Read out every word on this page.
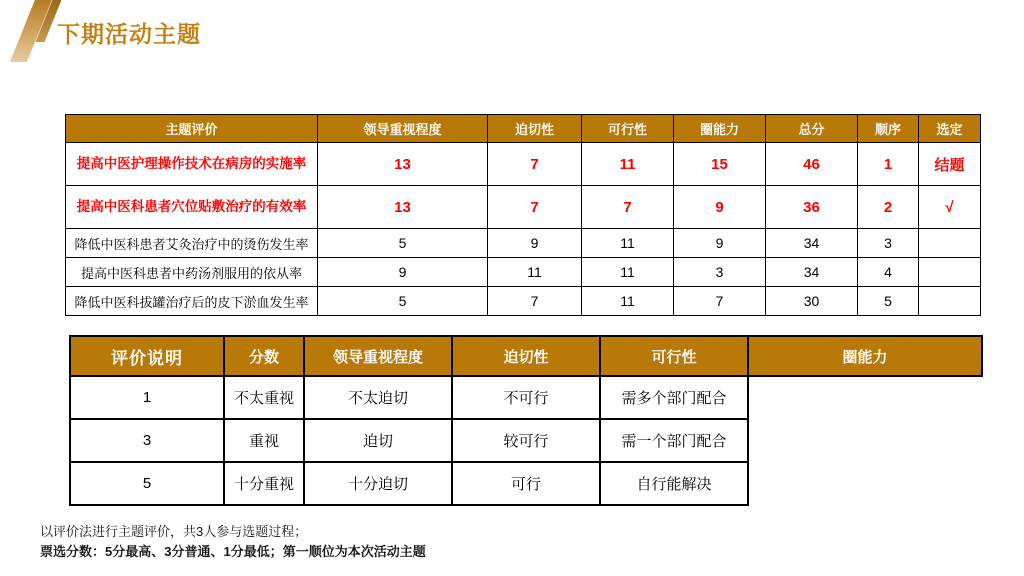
下期活动主题
主题评价	领导重视程度	迫切性	可行性	圈能力	总分	顺序	选定
提高中医护理操作技术在病房的实施率	13	7	11	15	46	1	结题
提高中医科患者穴位贴敷治疗的有效率	13	7	7	9	36	2	√
降低中医科患者艾灸治疗中的烫伤发生率	5	9	11	9	34	3	
提高中医科患者中药汤剂服用的依从率	9	11	11	3	34	4	
降低中医科拔罐治疗后的皮下淤血发生率	5	7	11	7	30	5	
评价说明	分数	领导重视程度	迫切性	可行性	圈能力
1	不太重视	不太迫切	不可行	需多个部门配合	
3	重视	迫切	较可行	需一个部门配合	
5	十分重视	十分迫切	可行	自行能解决	

以评价法进行主题评价，共3人参与选题过程；

票选分数：5分最高、3分普通、1分最低；第一顺位为本次活动主题
